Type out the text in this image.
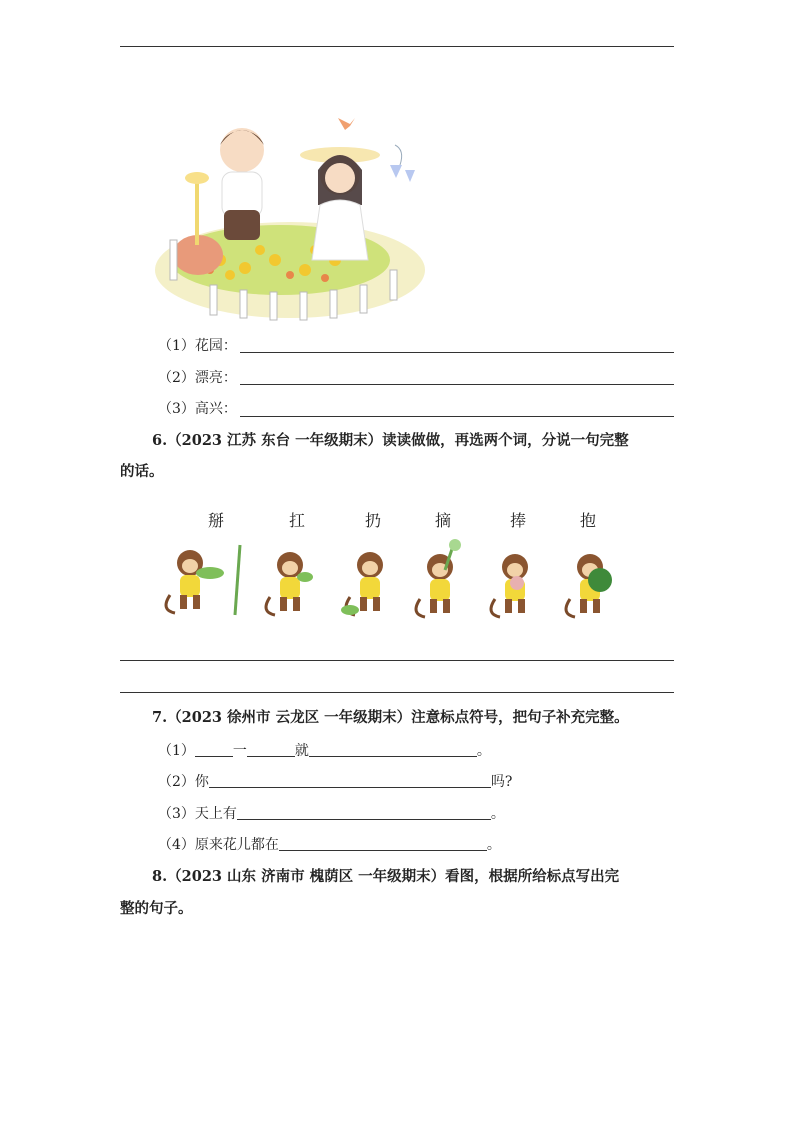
（1）花园：
（2）漂亮：
（3）高兴：
6.（2023 江苏 东台 一年级期末）读读做做，再选两个词，分说一句完整
的话。
掰	扛	扔	摘	捧	抱
7.（2023 徐州市 云龙区 一年级期末）注意标点符号，把句子补充完整。
（1）	一	就	。
（2）你	吗?
（3）天上有	。
（4）原来花儿都在	。
8.（2023 山东 济南市 槐荫区 一年级期末）看图，根据所给标点写出完
整的句子。
